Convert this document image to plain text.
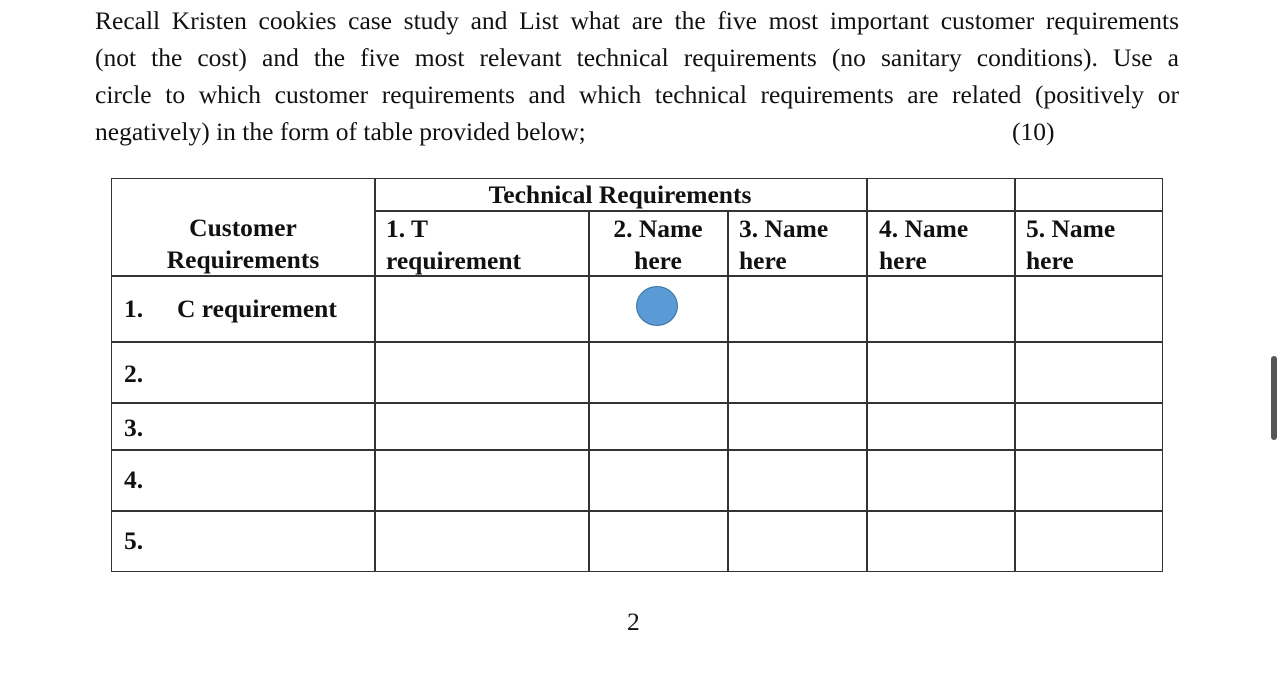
Recall Kristen cookies case study and List what are the five most important customer requirements
(not the cost) and the five most relevant technical requirements (no sanitary conditions). Use a
circle to which customer requirements and which technical requirements are related (positively or
negatively) in the form of table provided below;	(10)
Technical Requirements
Customer
Requirements
1. T
requirement
2. Name
here
3. Name
here
4. Name
here
5. Name
here
1. C requirement
2.
3.
4.
5.
2
